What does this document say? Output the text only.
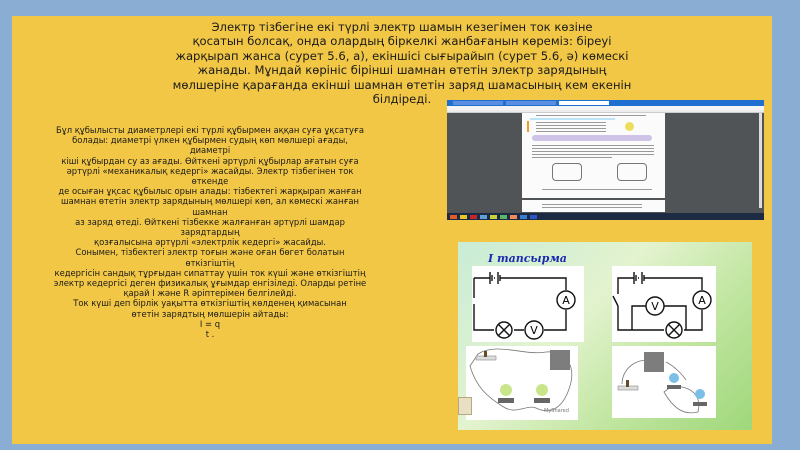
Электр тізбегіне екі түрлі электр шамын кезегімен ток көзіне
қосатын болсақ, онда олардың біркелкі жанбағанын көреміз: біреуі
жарқырап жанса (сурет 5.6, а), екіншісі сығырайып (сурет 5.6, ә) көмескі
жанады. Мұндай көрініс бірінші шамнан өтетін электр зарядының
мөлшеріне қарағанда екінші шамнан өтетін заряд шамасының кем екенін
білдіреді.
Бұл құбылысты диаметрлері екі түрлі құбырмен аққан суға ұқсатуға
болады: диаметрі үлкен құбырмен судың көп мөлшері ағады,
диаметрі
кіші құбырдан су аз ағады. Өйткені әртүрлі құбырлар ағатын суға
әртүрлі «механикалық кедергі» жасайды. Электр тізбегінен ток
өткенде
де осыған ұқсас құбылыс орын алады: тізбектегі жарқырап жанған
шамнан өтетін электр зарядының мөлшері көп, ал көмескі жанған
шамнан
аз заряд өтеді. Өйткені тізбекке жалғанған әртүрлі шамдар
зарядтардың
қозғалысына әртүрлі «электрлік кедергі» жасайды.
Сонымен, тізбектегі электр тоғын және оған бөгет болатын
өткізгіштің
кедергісін сандық тұрғыдан сипаттау үшін ток күші және өткізгіштің
электр кедергісі деген физикалық ұғымдар енгізіледі. Оларды ретіне
қарай І және R әріптерімен белгілейді.
Ток күші деп бірлік уақытта өткізгіштің көлденең қимасынан
өтетін зарядтың мөлшерін айтады:
I = q
t .
I тапсырма
A
V
A
V
MyShared
